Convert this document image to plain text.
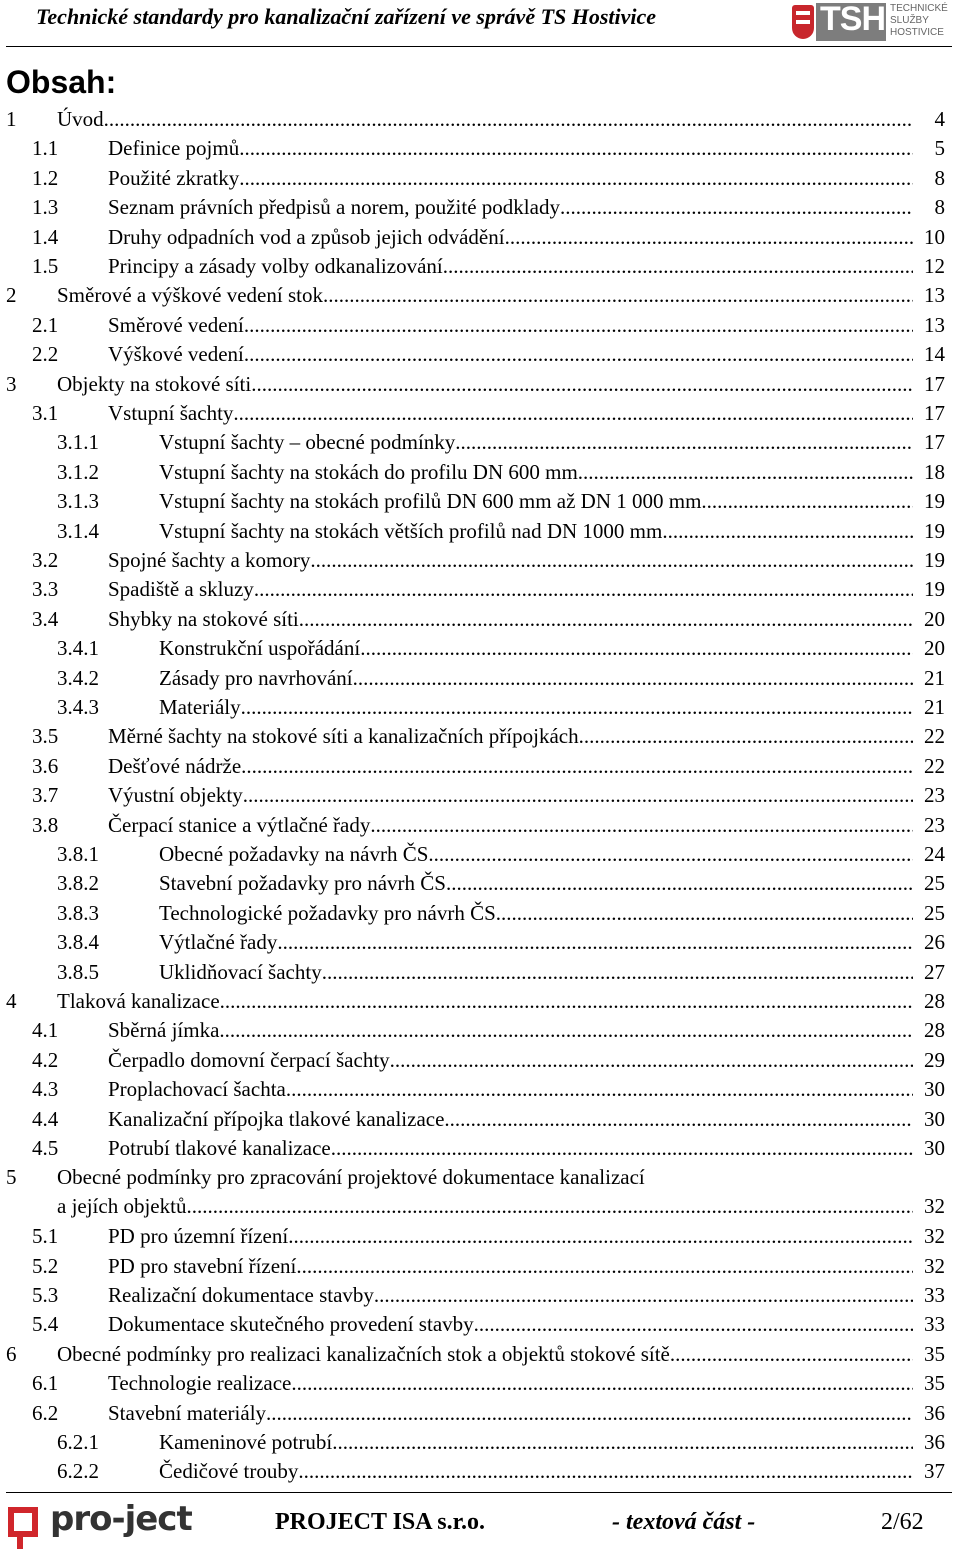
Technické standardy pro kanalizační zařízení ve správě TS Hostivice	TSH TECHNICKÉ
SLUŽBY
HOSTIVICE
Obsah:
1 Úvod .....	4
1.1 Definice pojmů .....	5
1.2 Použité zkratky .....	8
1.3 Seznam právních předpisů a norem, použité podklady .....	8
1.4 Druhy odpadních vod a způsob jejich odvádění .....	10
1.5 Principy a zásady volby odkanalizování .....	12
2 Směrové a výškové vedení stok .....	13
2.1 Směrové vedení .....	13
2.2 Výškové vedení .....	14
3 Objekty na stokové síti .....	17
3.1 Vstupní šachty .....	17
3.1.1	Vstupní šachty – obecné podmínky .....	17
3.1.2	Vstupní šachty na stokách do profilu DN 600 mm .....	18
3.1.3	Vstupní šachty na stokách profilů DN 600 mm až DN 1 000 mm .....	19
3.1.4	Vstupní šachty na stokách větších profilů nad DN 1000 mm .....	19
3.2 Spojné šachty a komory .....	19
3.3 Spadiště a skluzy .....	19
3.4 Shybky na stokové síti .....	20
3.4.1	Konstrukční uspořádání .....	20
3.4.2	Zásady pro navrhování .....	21
3.4.3	Materiály .....	21
3.5 Měrné šachty na stokové síti a kanalizačních přípojkách .....	22
3.6 Dešťové nádrže .....	22
3.7 Výustní objekty .....	23
3.8 Čerpací stanice a výtlačné řady .....	23
3.8.1	Obecné požadavky na návrh ČS .....	24
3.8.2	Stavební požadavky pro návrh ČS .....	25
3.8.3	Technologické požadavky pro návrh ČS .....	25
3.8.4	Výtlačné řady .....	26
3.8.5	Uklidňovací šachty .....	27
4 Tlaková kanalizace .....	28
4.1 Sběrná jímka .....	28
4.2 Čerpadlo domovní čerpací šachty .....	29
4.3 Proplachovací šachta .....	30
4.4 Kanalizační přípojka tlakové kanalizace .....	30
4.5 Potrubí tlakové kanalizace .....	30
5 Obecné podmínky pro zpracování projektové dokumentace kanalizací
a jejích objektů .....	32
5.1 PD pro územní řízení .....	32
5.2 PD pro stavební řízení .....	32
5.3 Realizační dokumentace stavby .....	33
5.4 Dokumentace skutečného provedení stavby .....	33
6 Obecné podmínky pro realizaci kanalizačních stok a objektů stokové sítě .....	35
6.1 Technologie realizace .....	35
6.2 Stavební materiály .....	36
6.2.1	Kameninové potrubí .....	36
6.2.2	Čedičové trouby .....	37
pro-ject	PROJECT ISA s.r.o.	- textová část -	2/62
